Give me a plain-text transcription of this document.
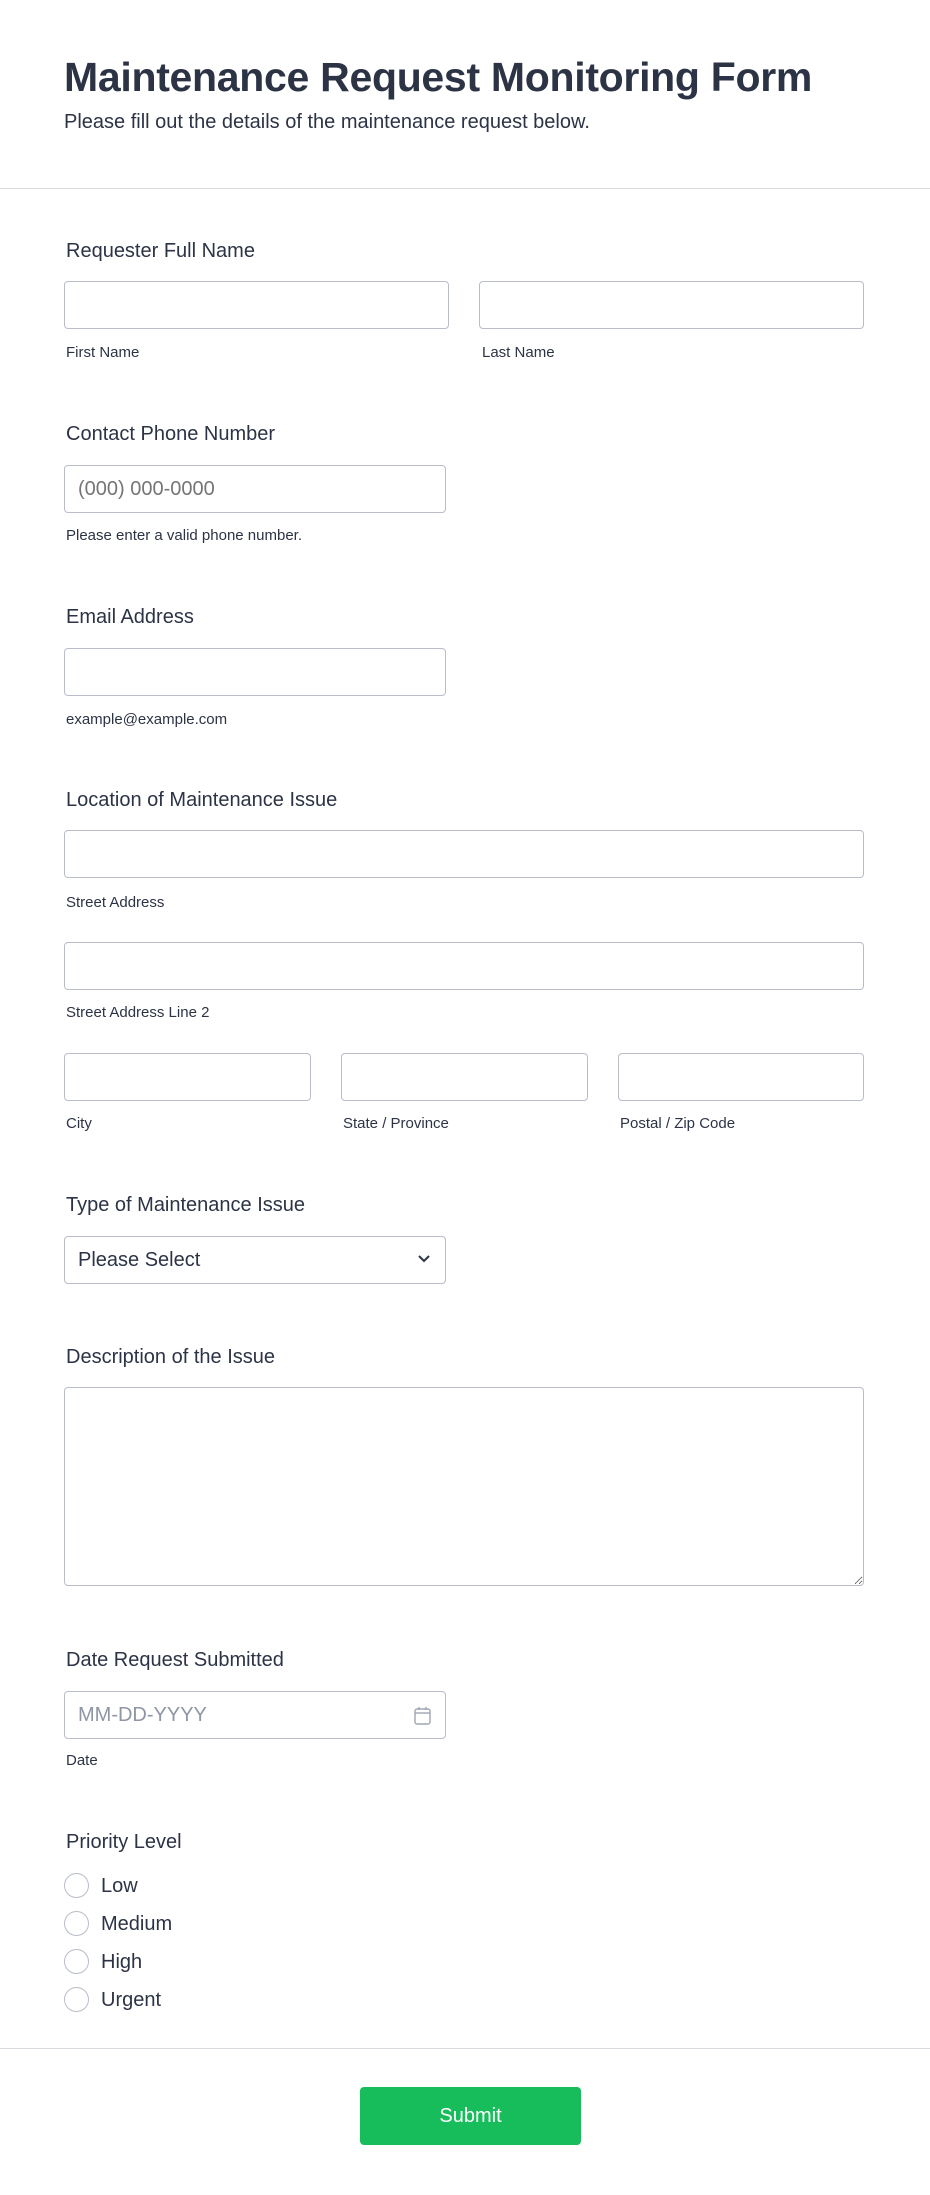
Maintenance Request Monitoring Form
Please fill out the details of the maintenance request below.
Requester Full Name
First Name	Last Name
Contact Phone Number
(000) 000-0000
Please enter a valid phone number.
Email Address
example@example.com
Location of Maintenance Issue
Street Address
Street Address Line 2
City	State / Province	Postal / Zip Code
Type of Maintenance Issue
Please Select
Description of the Issue
Date Request Submitted
MM-DD-YYYY
Date
Priority Level
Low
Medium
High
Urgent
Submit
